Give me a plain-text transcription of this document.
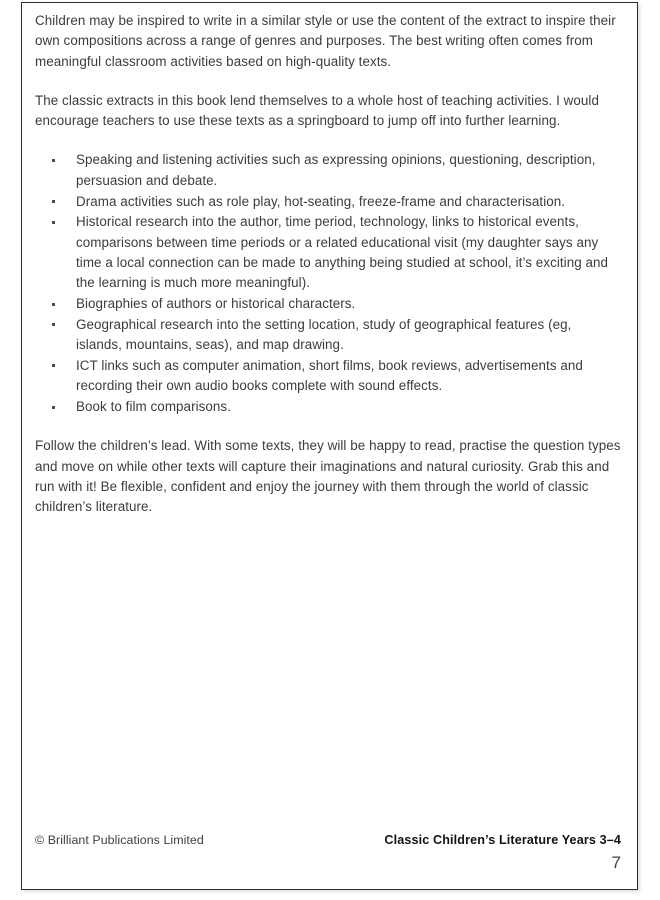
Children may be inspired to write in a similar style or use the content of the extract to inspire their own compositions across a range of genres and purposes. The best writing often comes from meaningful classroom activities based on high-quality texts.

The classic extracts in this book lend themselves to a whole host of teaching activities. I would encourage teachers to use these texts as a springboard to jump off into further learning.

Speaking and listening activities such as expressing opinions, questioning, description, persuasion and debate.
Drama activities such as role play, hot-seating, freeze-frame and characterisation.
Historical research into the author, time period, technology, links to historical events, comparisons between time periods or a related educational visit (my daughter says any time a local connection can be made to anything being studied at school, it’s exciting and the learning is much more meaningful).
Biographies of authors or historical characters.
Geographical research into the setting location, study of geographical features (eg, islands, mountains, seas), and map drawing.
ICT links such as computer animation, short films, book reviews, advertisements and recording their own audio books complete with sound effects.
Book to film comparisons.

Follow the children’s lead. With some texts, they will be happy to read, practise the question types and move on while other texts will capture their imaginations and natural curiosity. Grab this and run with it! Be flexible, confident and enjoy the journey with them through the world of classic children’s literature.

© Brilliant Publications Limited	Classic Children’s Literature Years 3–4
7
